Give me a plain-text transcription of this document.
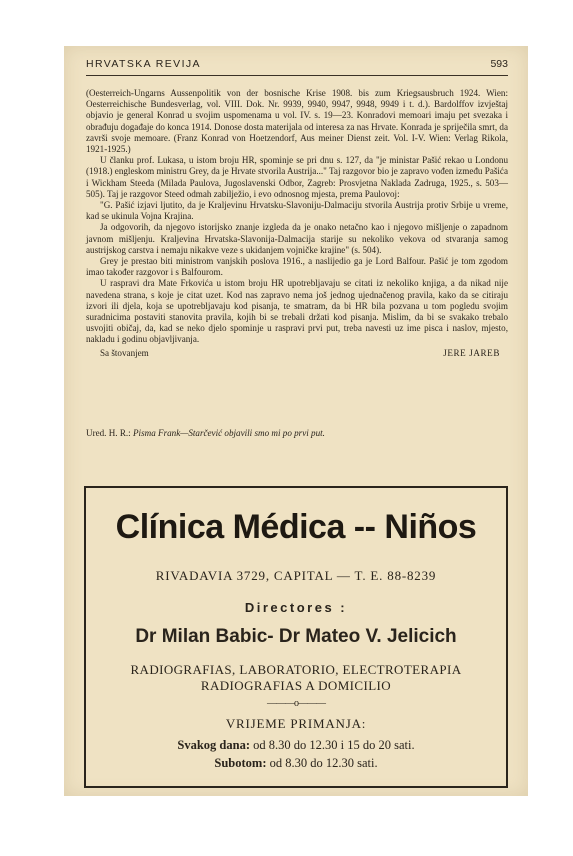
HRVATSKA REVIJA	593

(Oesterreich-Ungarns Aussenpolitik von der bosnische Krise 1908. bis zum Kriegsausbruch 1924. Wien: Oesterreichische Bundesverlag, vol. VIII. Dok. Nr. 9939, 9940, 9947, 9948, 9949 i t. d.). Bardolffov izvještaj objavio je general Konrad u svojim uspomenama u vol. IV. s. 19—23. Konradovi memoari imaju pet svezaka i obrađuju događaje do konca 1914. Donose dosta materijala od interesa za nas Hrvate. Konrada je spriječila smrt, da završi svoje memoare. (Franz Konrad von Hoetzendorf, Aus meiner Dienst zeit. Vol. I-V. Wien: Verlag Rikola, 1921-1925.)

U članku prof. Lukasa, u istom broju HR, spominje se pri dnu s. 127, da "je ministar Pašić rekao u Londonu (1918.) engleskom ministru Grey, da je Hrvate stvorila Austrija..." Taj razgovor bio je zapravo vođen između Pašića i Wickham Steeda (Milada Paulova, Jugoslavenski Odbor, Zagreb: Prosvjetna Naklada Zadruga, 1925., s. 503—505). Taj je razgovor Steed odmah zabilježio, i evo odnosnog mjesta, prema Paulovoj:

"G. Pašić izjavi ljutito, da je Kraljevinu Hrvatsku-Slavoniju-Dalmaciju stvorila Austrija protiv Srbije u vreme, kad se ukinula Vojna Krajina.

Ja odgovorih, da njegovo istorijsko znanje izgleda da je onako netačno kao i njegovo mišljenje o zapadnom javnom mišljenju. Kraljevina Hrvatska-Slavonija-Dalmacija starije su nekoliko vekova od stvaranja samog austrijskog carstva i nemaju nikakve veze s ukidanjem vojničke krajine" (s. 504).

Grey je prestao biti ministrom vanjskih poslova 1916., a naslijedio ga je Lord Balfour. Pašić je tom zgodom imao također razgovor i s Balfourom.

U raspravi dra Mate Frkovića u istom broju HR upotrebljavaju se citati iz nekoliko knjiga, a da nikad nije navedena strana, s koje je citat uzet. Kod nas zapravo nema još jednog ujednačenog pravila, kako da se citiraju izvori ili djela, koja se upotrebljavaju kod pisanja, te smatram, da bi HR bila pozvana u tom pogledu svojim suradnicima postaviti stanovita pravila, kojih bi se trebali držati kod pisanja. Mislim, da bi se svakako trebalo usvojiti običaj, da, kad se neko djelo spominje u raspravi prvi put, treba navesti uz ime pisca i naslov, mjesto, nakladu i godinu objavljivanja.

Sa štovanjem	JERE JAREB
Ured. H. R.: Pisma Frank—Starčević objavili smo mi po prvi put.
Clínica Médica -- Niños
RIVADAVIA 3729, CAPITAL — T. E. 88-8239
Directores :
Dr Milan Babic- Dr Mateo V. Jelicich
RADIOGRAFIAS, LABORATORIO, ELECTROTERAPIA
RADIOGRAFIAS A DOMICILIO
———o———
VRIJEME PRIMANJA:
Svakog dana: od 8.30 do 12.30 i 15 do 20 sati.
Subotom: od 8.30 do 12.30 sati.
